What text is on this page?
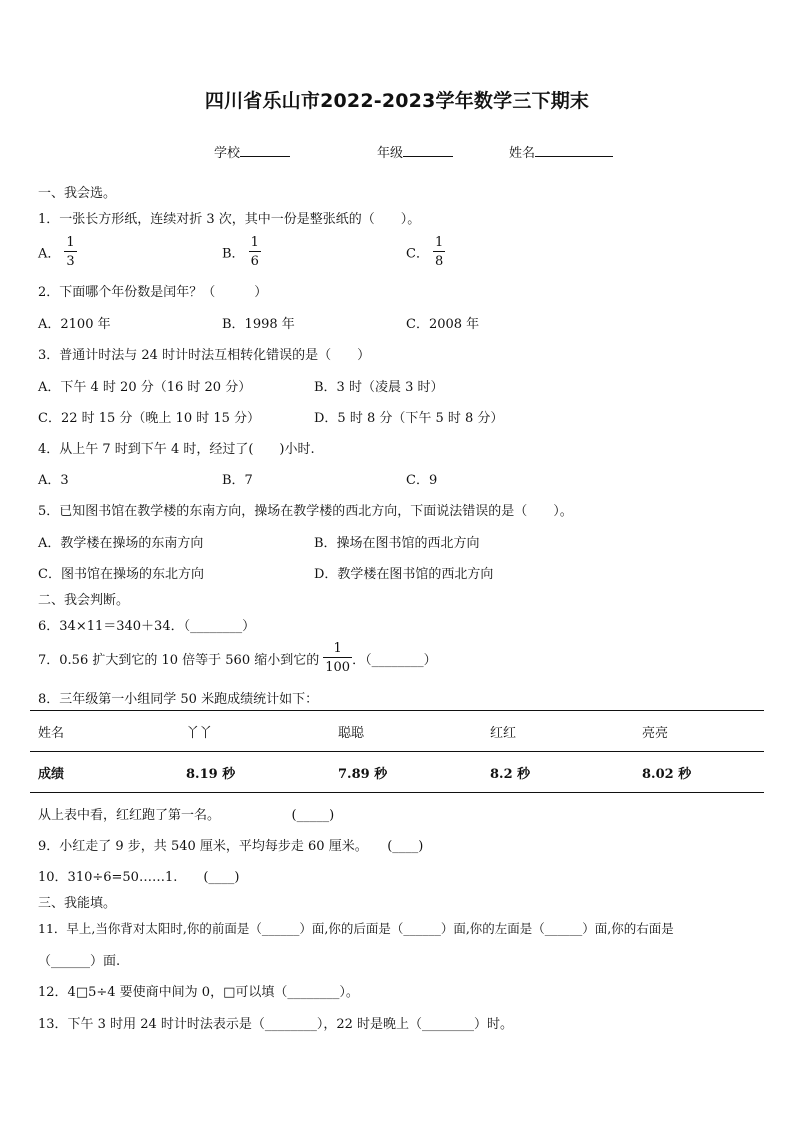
四川省乐山市2022-2023学年数学三下期末
学校	年级	姓名
一、我会选。
1．一张长方形纸，连续对折 3 次，其中一份是整张纸的（　　）。
A． $\frac{1}{3}$	B． $\frac{1}{6}$	C． $\frac{1}{8}$
2．下面哪个年份数是闰年？（　　　）
A．2100 年	B．1998 年	C．2008 年
3．普通计时法与 24 时计时法互相转化错误的是（　　）
A．下午 4 时 20 分（16 时 20 分）	B．3 时（凌晨 3 时）
C．22 时 15 分（晚上 10 时 15 分）	D．5 时 8 分（下午 5 时 8 分）
4．从上午 7 时到下午 4 时，经过了(　　)小时.
A．3	B．7	C．9
5．已知图书馆在教学楼的东南方向，操场在教学楼的西北方向，下面说法错误的是（　　）。
A．教学楼在操场的东南方向	B．操场在图书馆的西北方向
C．图书馆在操场的东北方向	D．教学楼在图书馆的西北方向
二、我会判断。
6．34×11＝340＋34．（________）
7．0.56 扩大到它的 10 倍等于 560 缩小到它的 $\frac{1}{100}$ ．（________）
8．三年级第一小组同学 50 米跑成绩统计如下：
姓名	丫丫	聪聪	红红	亮亮
成绩	8.19 秒	7.89 秒	8.2 秒	8.02 秒
从上表中看，红红跑了第一名。　　　　　　(_____)
9．小红走了 9 步，共 540 厘米，平均每步走 60 厘米。　　(____)
10．310÷6=50……1.　　(____)
三、我能填。
11．早上,当你背对太阳时,你的前面是（______）面,你的后面是（______）面,你的左面是（______）面,你的右面是
（______）面.
12．4□5÷4 要使商中间为 0，□可以填（________）。
13．下午 3 时用 24 时计时法表示是（________），22 时是晚上（________）时。
